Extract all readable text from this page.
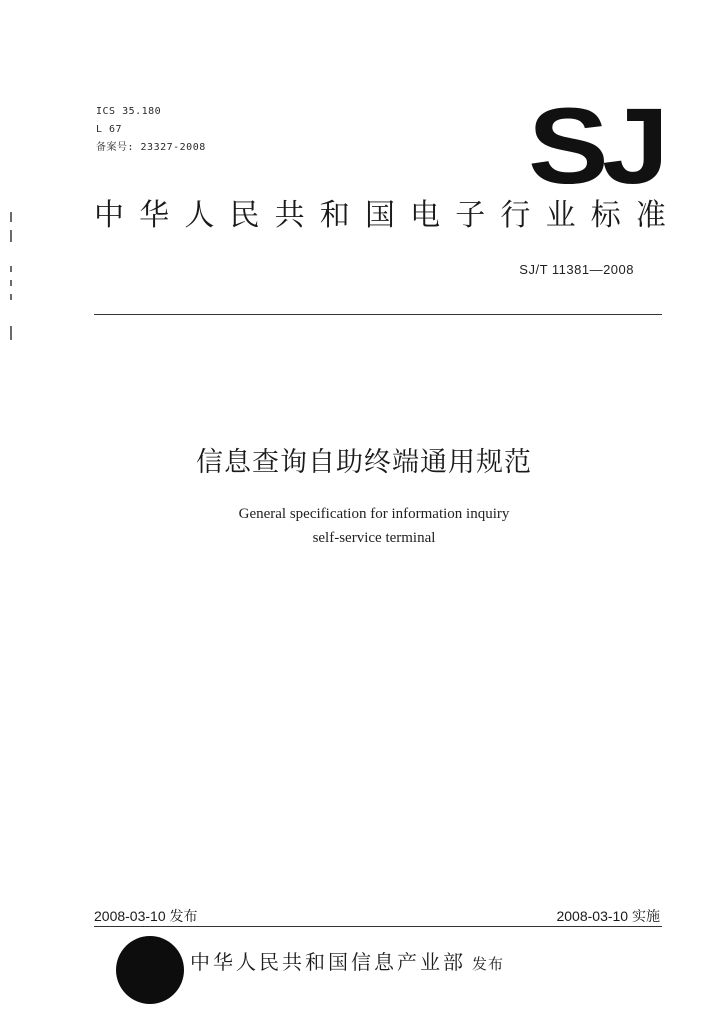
ICS 35.180
L 67
备案号: 23327-2008	SJ
中 华 人 民 共 和 国 电 子 行 业 标 准
SJ/T 11381—2008
信息查询自助终端通用规范
General specification for information inquiry
self-service terminal
2008-03-10 发布	2008-03-10 实施
中华人民共和国信息产业部 发布
